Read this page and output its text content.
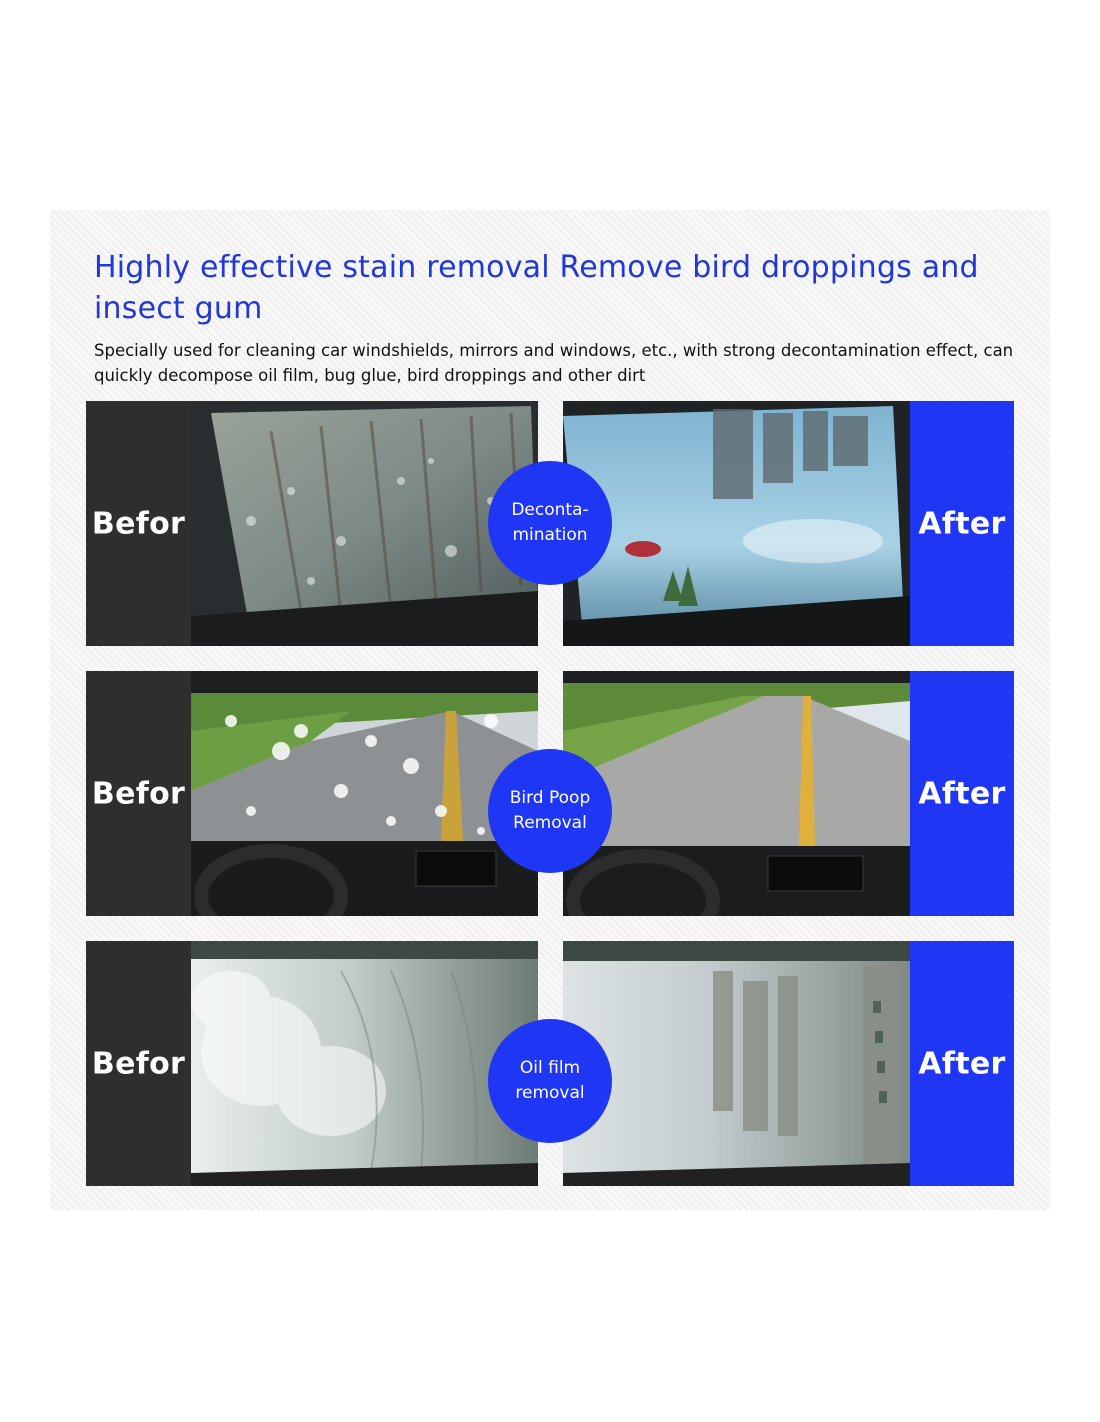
Highly effective stain removal Remove bird droppings and insect gum

Specially used for cleaning car windshields, mirrors and windows, etc., with strong decontamination effect, can quickly decompose oil film, bug glue, bird droppings and other dirt

Befor	After
Deconta-
mination
Befor	After
Bird Poop
Removal
Befor	After
Oil film
removal
